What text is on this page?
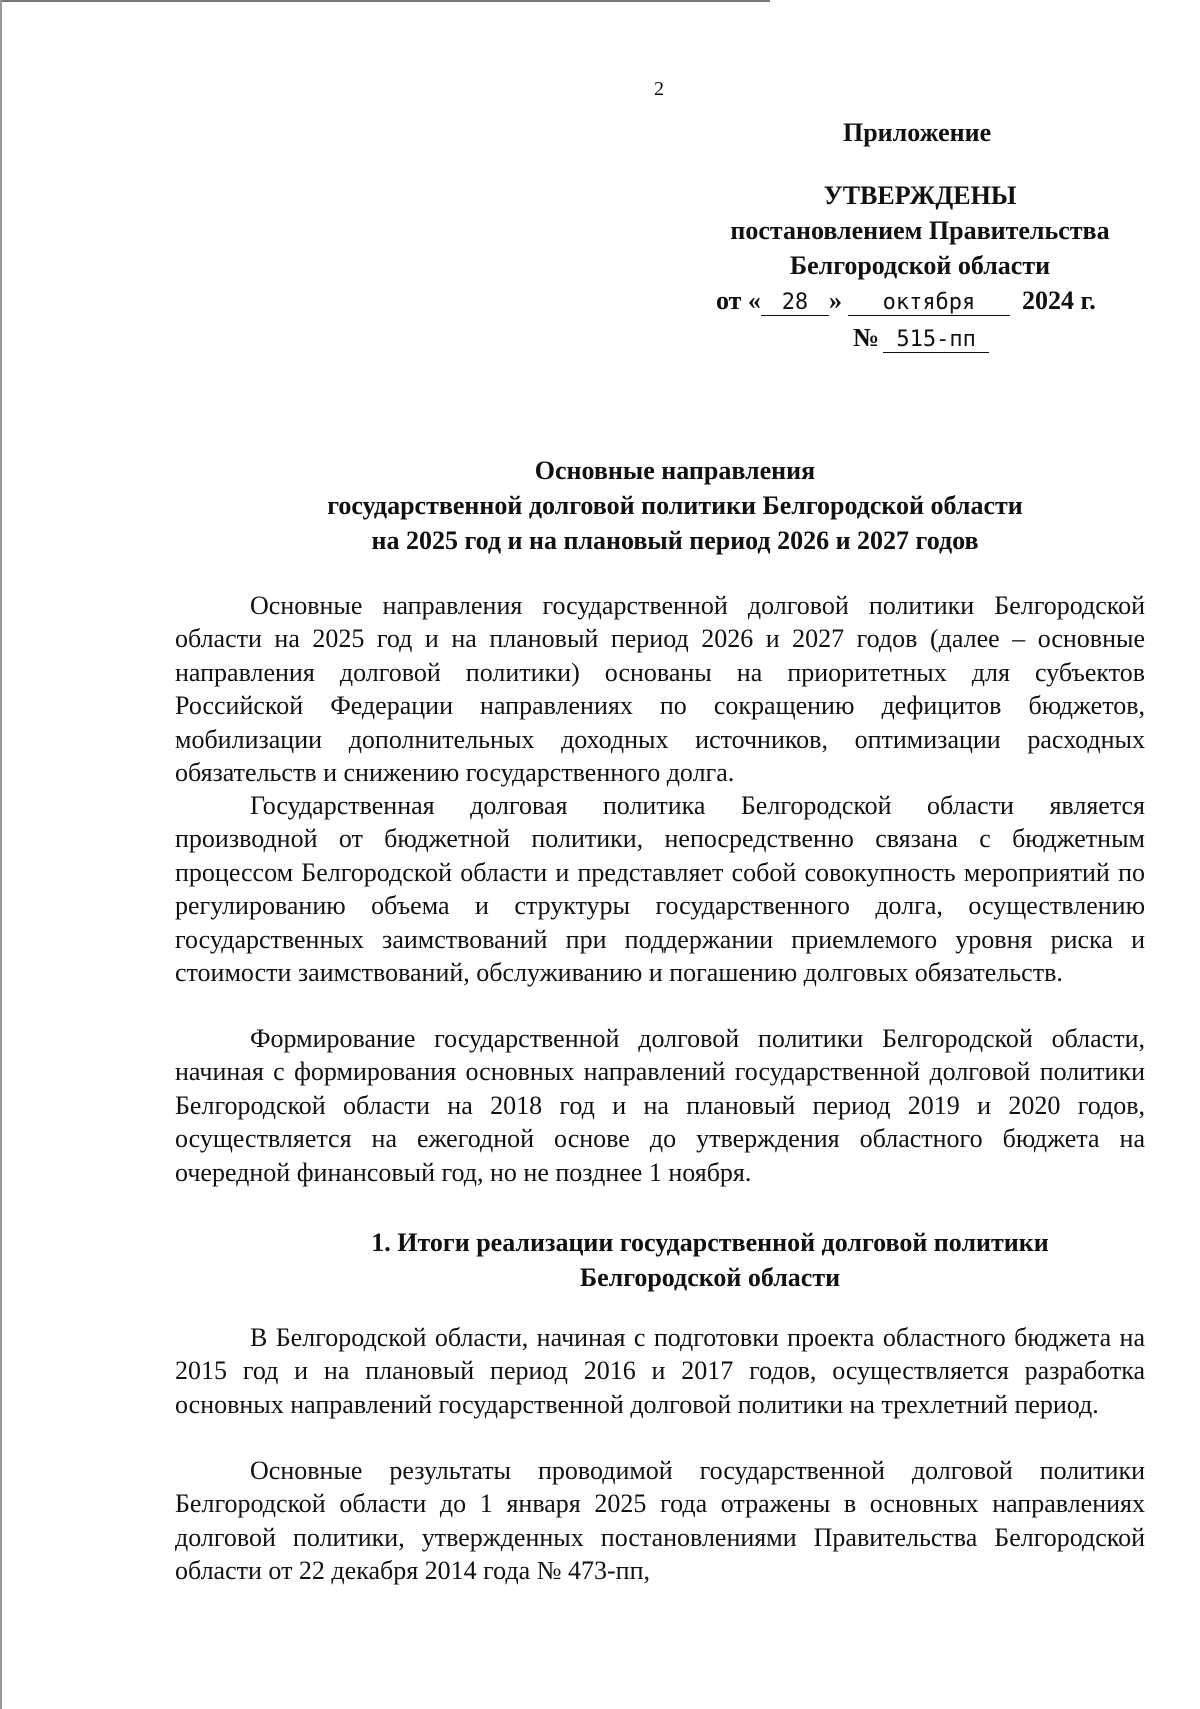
2
Приложение
УТВЕРЖДЕНЫ
постановлением Правительства
Белгородской области
от « 28 » октября 2024 г.
№ 515-пп
Основные направления
государственной долговой политики Белгородской области
на 2025 год и на плановый период 2026 и 2027 годов

Основные направления государственной долговой политики Белгородской области на 2025 год и на плановый период 2026 и 2027 годов (далее – основные направления долговой политики) основаны на приоритетных для субъектов Российской Федерации направлениях по сокращению дефицитов бюджетов, мобилизации дополнительных доходных источников, оптимизации расходных обязательств и снижению государственного долга.

Государственная долговая политика Белгородской области является производной от бюджетной политики, непосредственно связана с бюджетным процессом Белгородской области и представляет собой совокупность мероприятий по регулированию объема и структуры государственного долга, осуществлению государственных заимствований при поддержании приемлемого уровня риска и стоимости заимствований, обслуживанию и погашению долговых обязательств.

Формирование государственной долговой политики Белгородской области, начиная с формирования основных направлений государственной долговой политики Белгородской области на 2018 год и на плановый период 2019 и 2020 годов, осуществляется на ежегодной основе до утверждения областного бюджета на очередной финансовый год, но не позднее 1 ноября.

1. Итоги реализации государственной долговой политики
Белгородской области

В Белгородской области, начиная с подготовки проекта областного бюджета на 2015 год и на плановый период 2016 и 2017 годов, осуществляется разработка основных направлений государственной долговой политики на трехлетний период.

Основные результаты проводимой государственной долговой политики Белгородской области до 1 января 2025 года отражены в основных направлениях долговой политики, утвержденных постановлениями Правительства Белгородской области от 22 декабря 2014 года № 473-пп,
